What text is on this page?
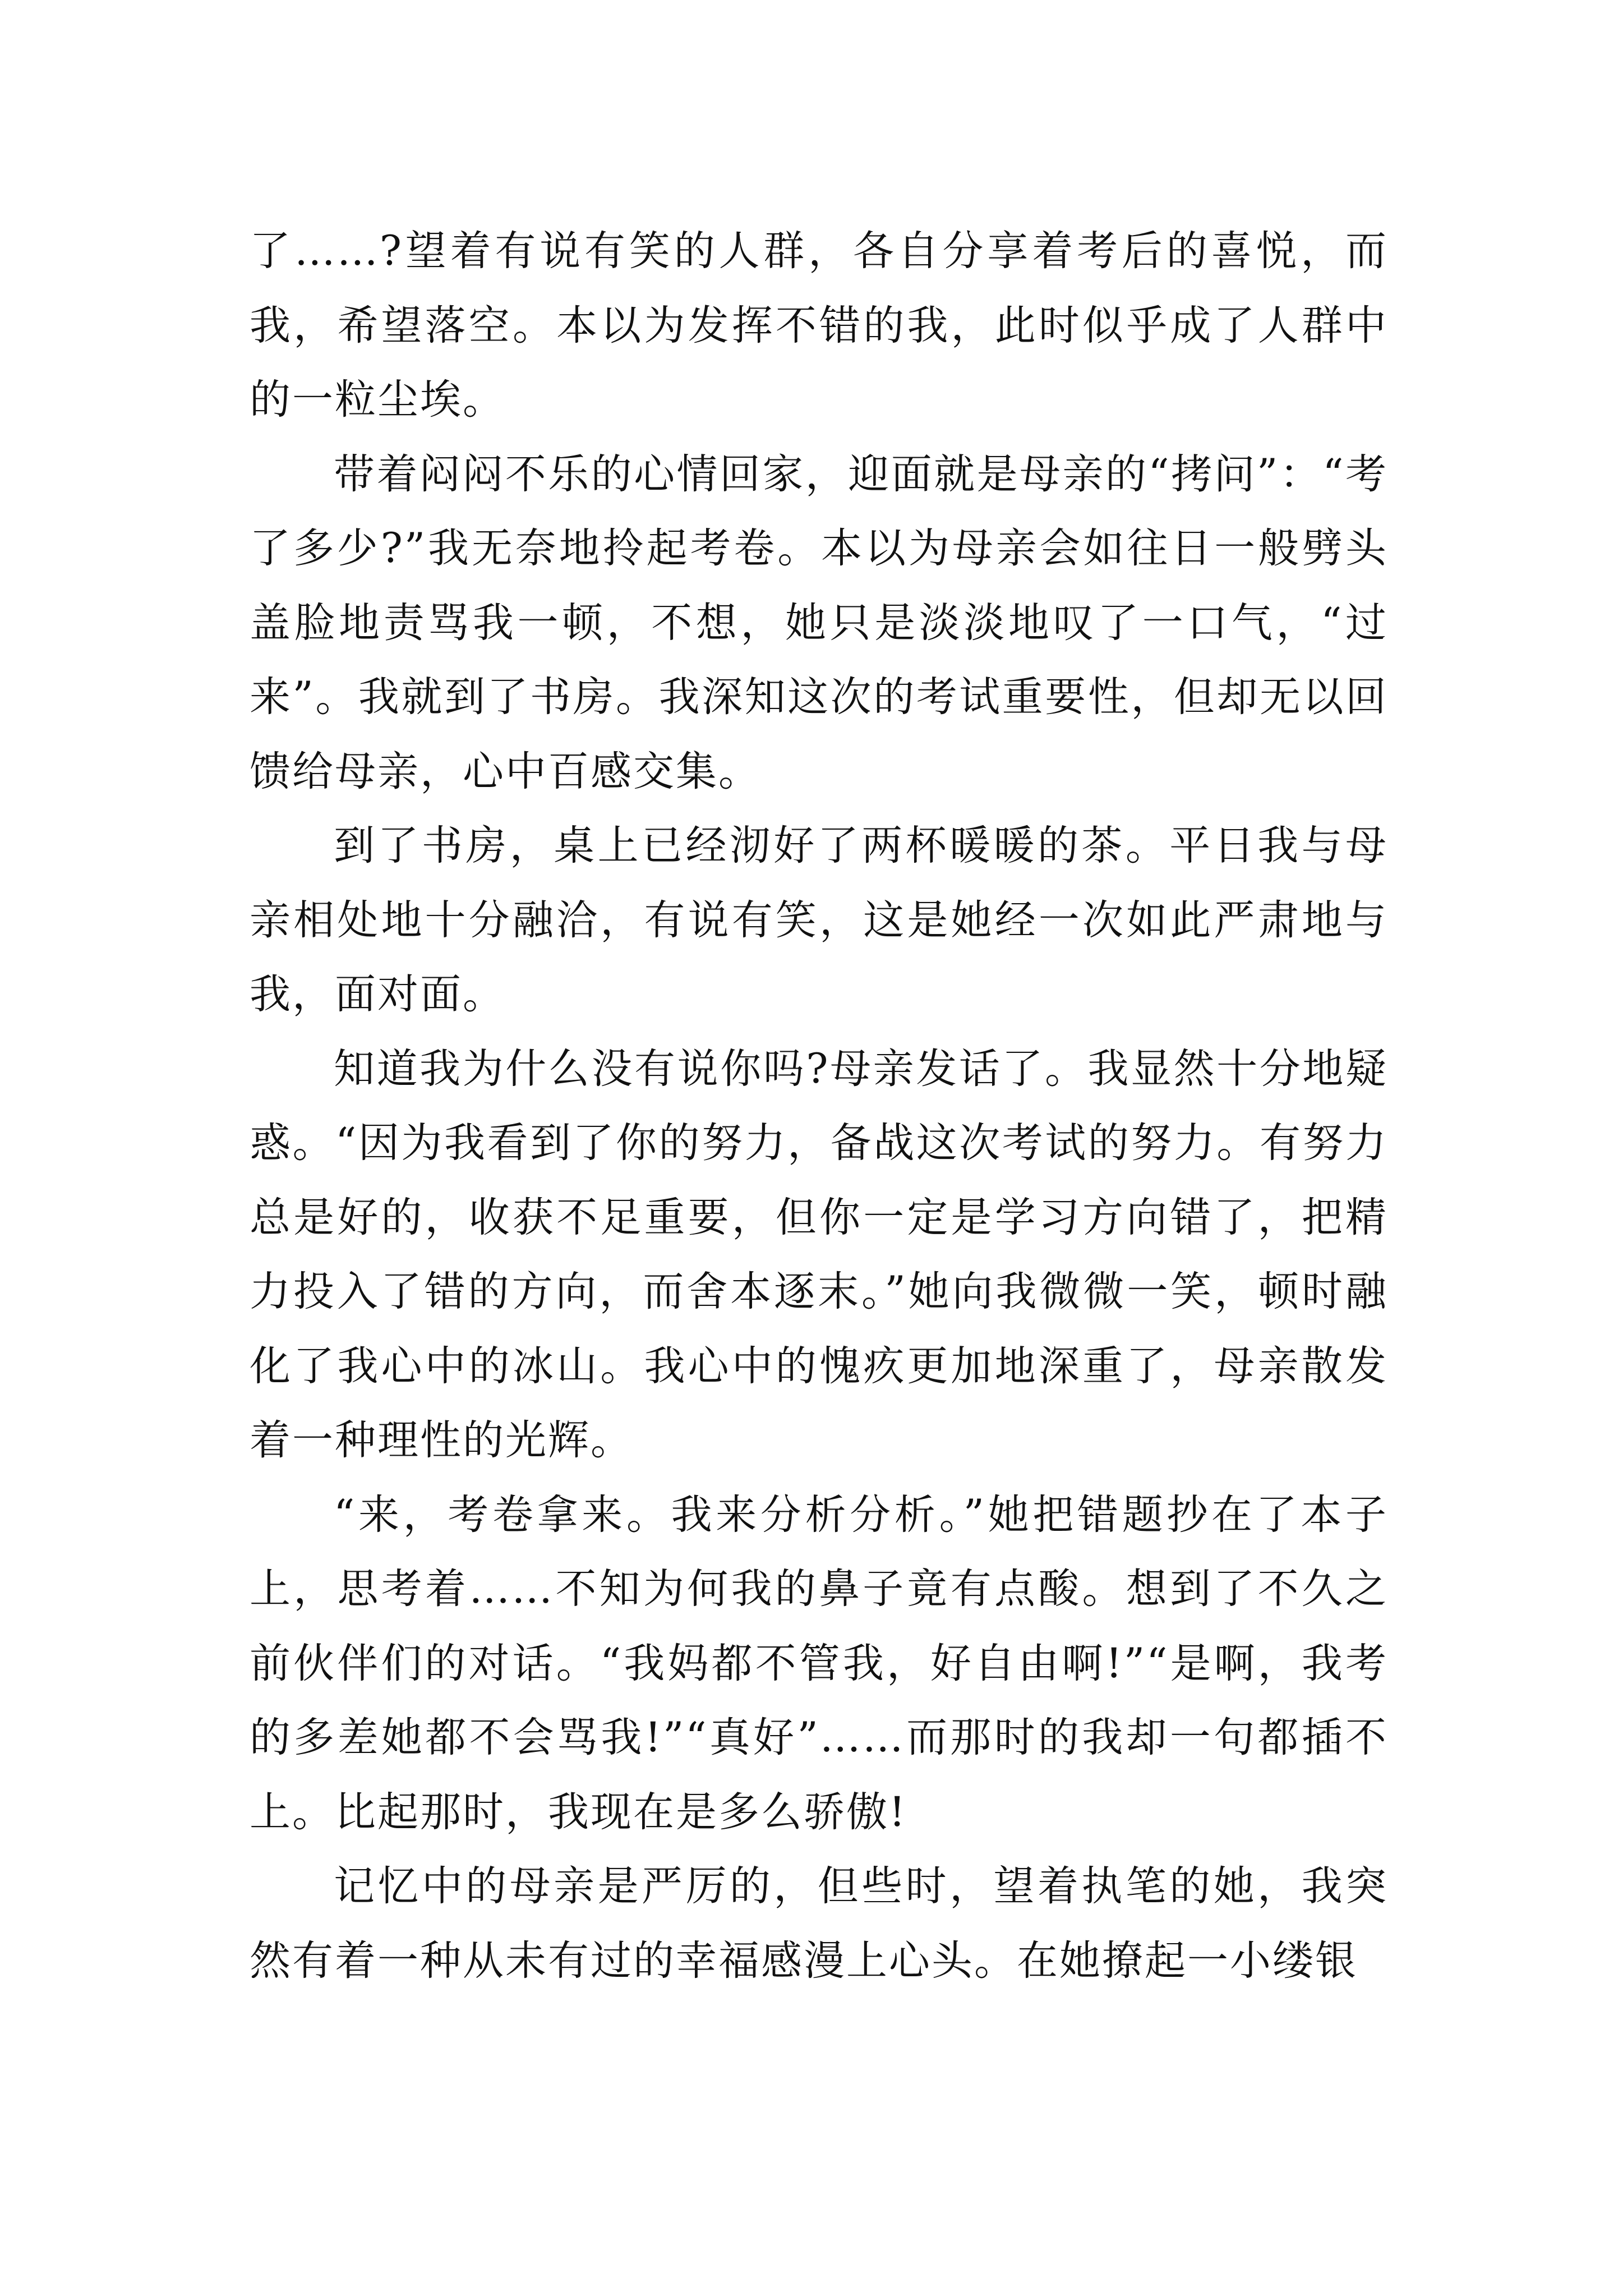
了……?望着有说有笑的人群，各自分享着考后的喜悦，而我，希望落空。本以为发挥不错的我，此时似乎成了人群中的一粒尘埃。

带着闷闷不乐的心情回家，迎面就是母亲的“拷问”：“考了多少?”我无奈地拎起考卷。本以为母亲会如往日一般劈头盖脸地责骂我一顿，不想，她只是淡淡地叹了一口气，“过来”。我就到了书房。我深知这次的考试重要性，但却无以回馈给母亲，心中百感交集。

到了书房，桌上已经沏好了两杯暖暖的茶。平日我与母亲相处地十分融洽，有说有笑，这是她经一次如此严肃地与我，面对面。

知道我为什么没有说你吗?母亲发话了。我显然十分地疑惑。“因为我看到了你的努力，备战这次考试的努力。有努力总是好的，收获不足重要，但你一定是学习方向错了，把精力投入了错的方向，而舍本逐末。”她向我微微一笑，顿时融化了我心中的冰山。我心中的愧疚更加地深重了，母亲散发着一种理性的光辉。

“来，考卷拿来。我来分析分析。”她把错题抄在了本子上，思考着……不知为何我的鼻子竟有点酸。想到了不久之前伙伴们的对话。“我妈都不管我，好自由啊!”“是啊，我考的多差她都不会骂我!”“真好”……而那时的我却一句都插不上。比起那时，我现在是多么骄傲!

记忆中的母亲是严厉的，但些时，望着执笔的她，我突然有着一种从未有过的幸福感漫上心头。在她撩起一小缕银
